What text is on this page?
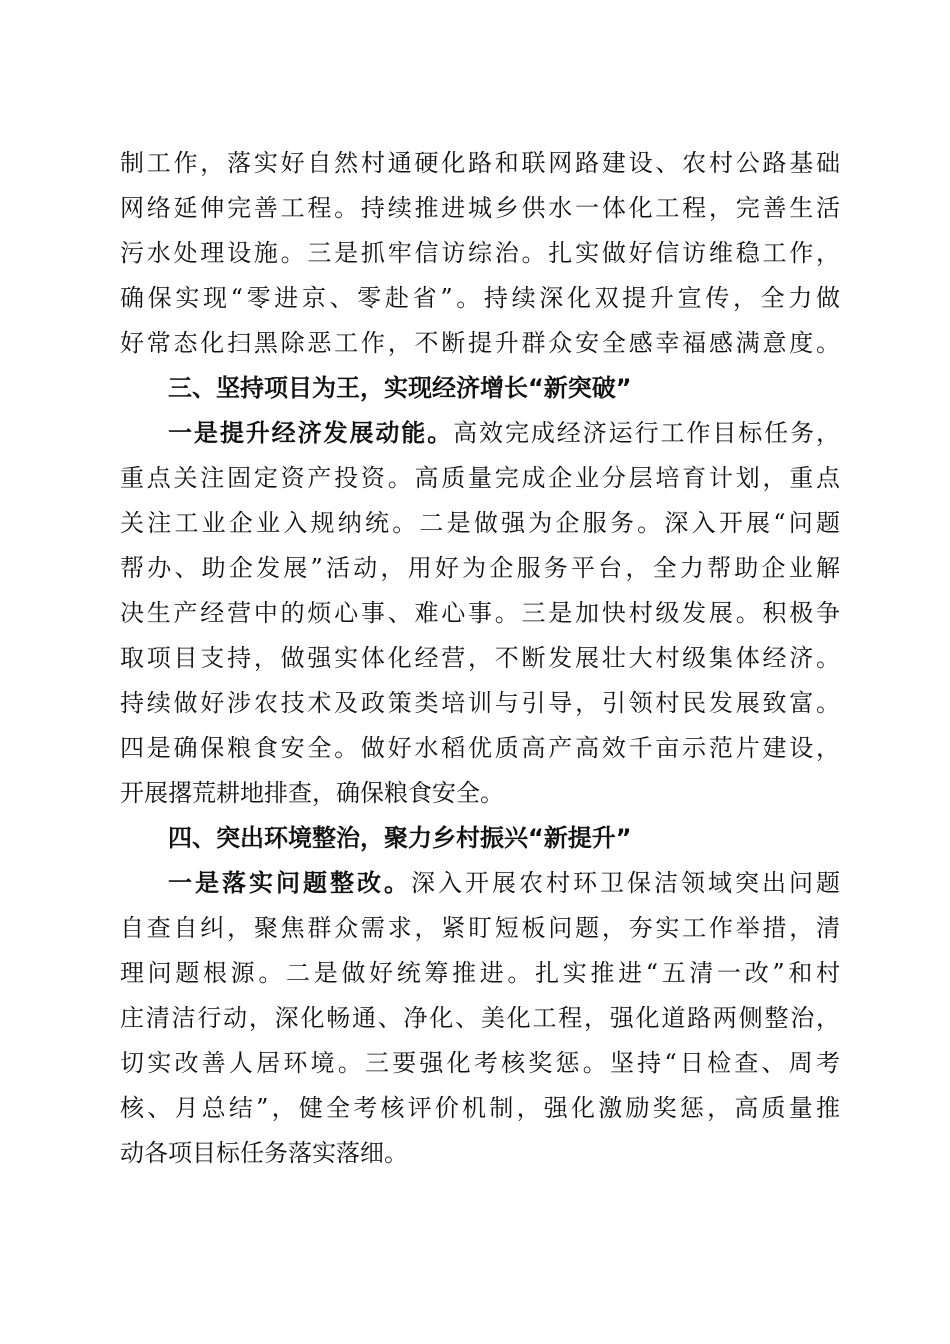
制工作，落实好自然村通硬化路和联网路建设、农村公路基础
网络延伸完善工程。持续推进城乡供水一体化工程，完善生活
污水处理设施。三是抓牢信访综治。扎实做好信访维稳工作，
确保实现“零进京、零赴省”。持续深化双提升宣传，全力做
好常态化扫黑除恶工作，不断提升群众安全感幸福感满意度。
三、坚持项目为王，实现经济增长“新突破”
一是提升经济发展动能。高效完成经济运行工作目标任务，
重点关注固定资产投资。高质量完成企业分层培育计划，重点
关注工业企业入规纳统。二是做强为企服务。深入开展“问题
帮办、助企发展”活动，用好为企服务平台，全力帮助企业解
决生产经营中的烦心事、难心事。三是加快村级发展。积极争
取项目支持，做强实体化经营，不断发展壮大村级集体经济。
持续做好涉农技术及政策类培训与引导，引领村民发展致富。
四是确保粮食安全。做好水稻优质高产高效千亩示范片建设，
开展撂荒耕地排查，确保粮食安全。
四、突出环境整治，聚力乡村振兴“新提升”
一是落实问题整改。深入开展农村环卫保洁领域突出问题
自查自纠，聚焦群众需求，紧盯短板问题，夯实工作举措，清
理问题根源。二是做好统筹推进。扎实推进“五清一改”和村
庄清洁行动，深化畅通、净化、美化工程，强化道路两侧整治，
切实改善人居环境。三要强化考核奖惩。坚持“日检查、周考
核、月总结”，健全考核评价机制，强化激励奖惩，高质量推
动各项目标任务落实落细。
